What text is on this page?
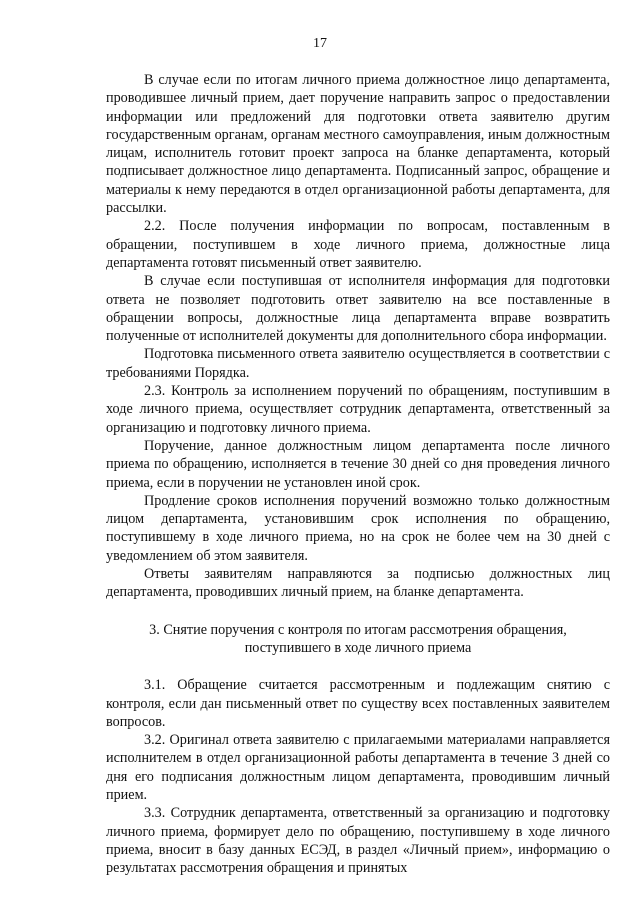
17

В случае если по итогам личного приема должностное лицо департамента, проводившее личный прием, дает поручение направить запрос о предоставлении информации или предложений для подготовки ответа заявителю другим государственным органам, органам местного самоуправления, иным должностным лицам, исполнитель готовит проект запроса на бланке департамента, который подписывает должностное лицо департамента. Подписанный запрос, обращение и материалы к нему передаются в отдел организационной работы департамента, для рассылки.

2.2. После получения информации по вопросам, поставленным в обращении, поступившем в ходе личного приема, должностные лица департамента готовят письменный ответ заявителю.

В случае если поступившая от исполнителя информация для подготовки ответа не позволяет подготовить ответ заявителю на все поставленные в обращении вопросы, должностные лица департамента вправе возвратить полученные от исполнителей документы для дополнительного сбора информации.

Подготовка письменного ответа заявителю осуществляется в соответствии с требованиями Порядка.

2.3. Контроль за исполнением поручений по обращениям, поступившим в ходе личного приема, осуществляет сотрудник департамента, ответственный за организацию и подготовку личного приема.

Поручение, данное должностным лицом департамента после личного приема по обращению, исполняется в течение 30 дней со дня проведения личного приема, если в поручении не установлен иной срок.

Продление сроков исполнения поручений возможно только должностным лицом департамента, установившим срок исполнения по обращению, поступившему в ходе личного приема, но на срок не более чем на 30 дней с уведомлением об этом заявителя.

Ответы заявителям направляются за подписью должностных лиц департамента, проводивших личный прием, на бланке департамента.

3. Снятие поручения с контроля по итогам рассмотрения обращения,
поступившего в ходе личного приема

3.1. Обращение считается рассмотренным и подлежащим снятию с контроля, если дан письменный ответ по существу всех поставленных заявителем вопросов.

3.2. Оригинал ответа заявителю с прилагаемыми материалами направляется исполнителем в отдел организационной работы департамента в течение 3 дней со дня его подписания должностным лицом департамента, проводившим личный прием.

3.3. Сотрудник департамента, ответственный за организацию и подготовку личного приема, формирует дело по обращению, поступившему в ходе личного приема, вносит в базу данных ЕСЭД, в раздел «Личный прием», информацию о результатах рассмотрения обращения и принятых
